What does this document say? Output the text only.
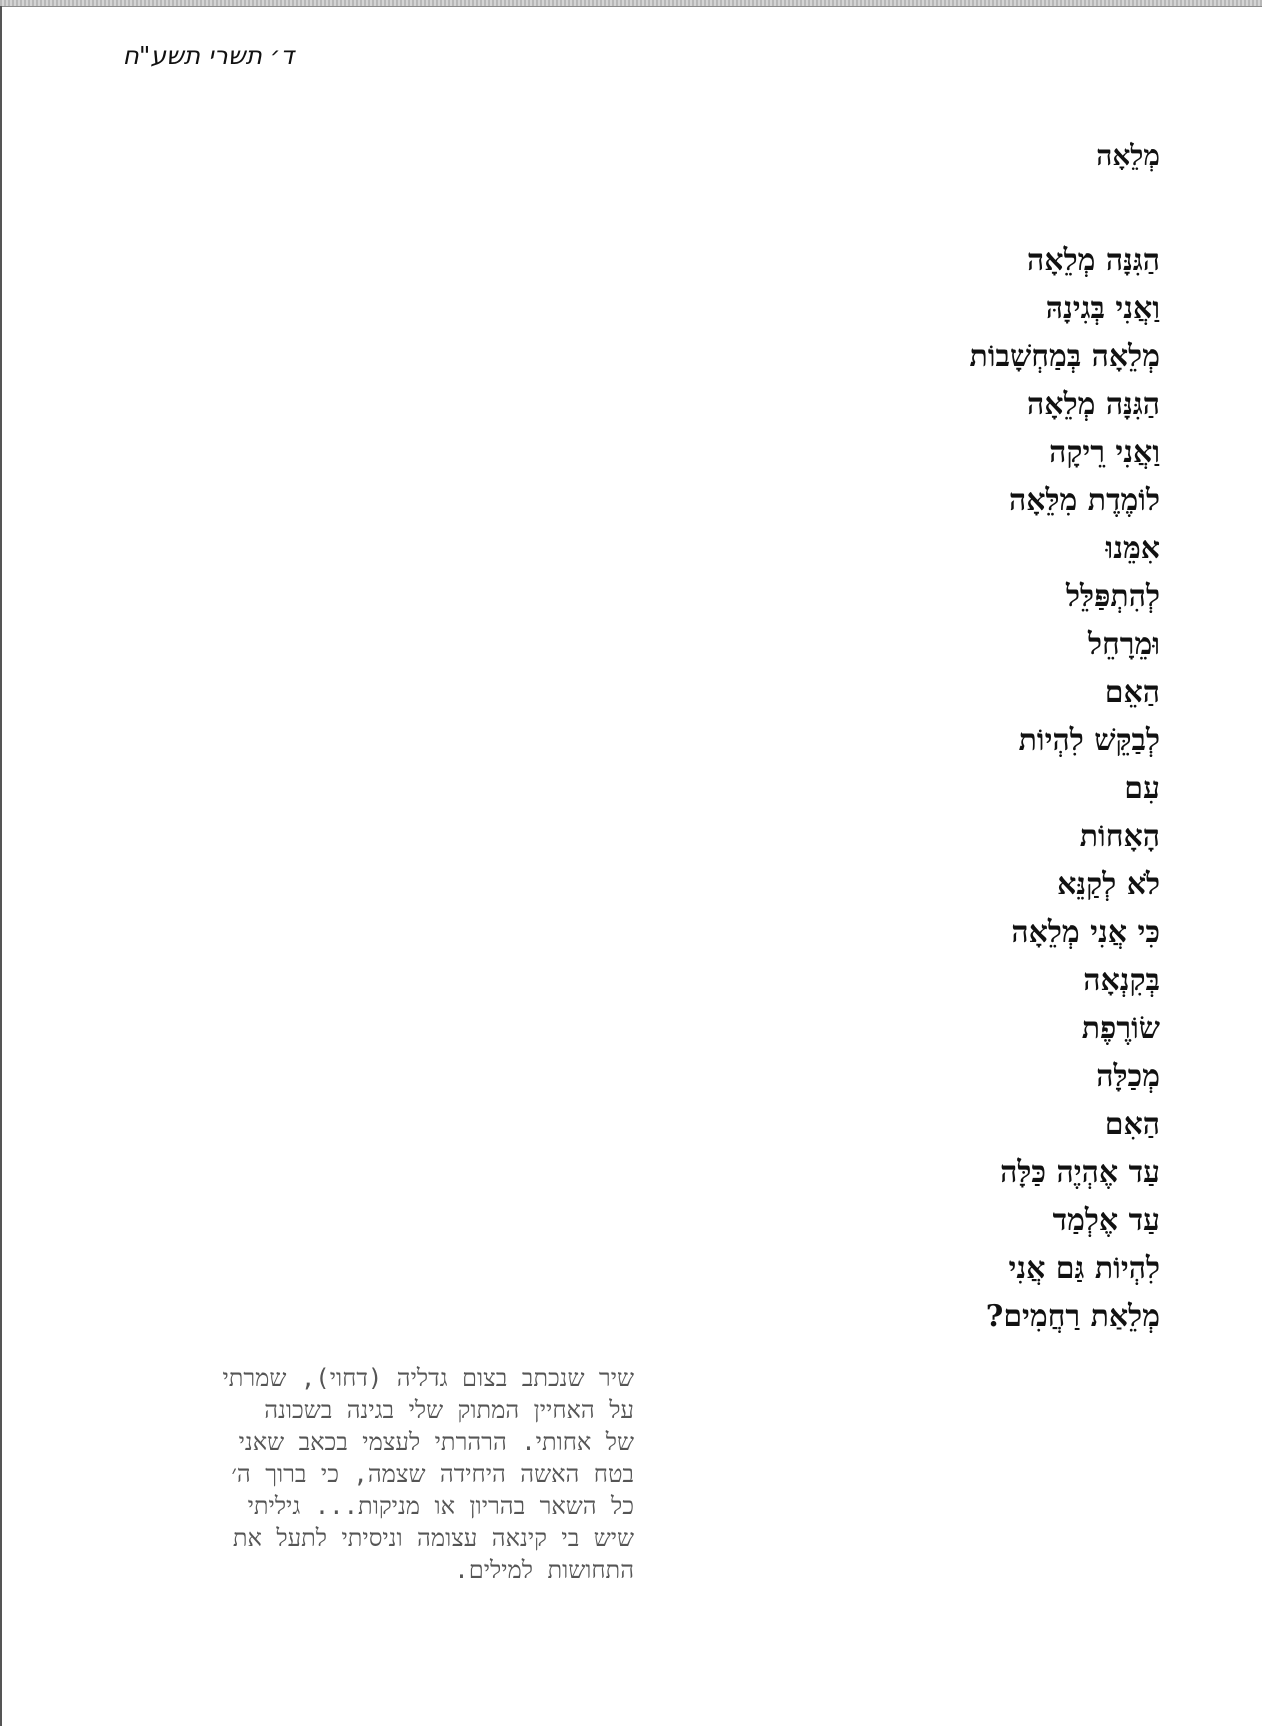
ד׳ תשרי תשע"ח
מְלֵאָה
הַגִּנָּה מְלֵאָה
וַאֲנִי בְּגִינָהּ
מְלֵאָה בְּמַחְשָׁבוֹת
הַגִּנָּה מְלֵאָה
וַאֲנִי רֵיקָה
לוֹמֶדֶת מִלֵּאָה
אִמֵּנוּ
לְהִתְפַּלֵּל
וּמֵרָחֵל
הַאֵם
לְבַקֵּשׁ לִהְיוֹת
עִם
הָאָחוֹת
לֹא לְקַנֵּא
כִּי אֲנִי מְלֵאָה
בְּקִנְאָה
שׂוֹרֶפֶת
מְכַלָּה
הַאִם
עַד אֶהְיֶה כַּלָּה
עַד אֶלְמַד
לִהְיוֹת גַּם אֲנִי
מְלֵאַת רַחֲמִים?
שיר שנכתב בצום גדליה (דחוי), שמרתי
על האחיין המתוק שלי בגינה בשכונה
של אחותי. הרהרתי לעצמי בכאב שאני
בטח האשה היחידה שצמה, כי ברוך ה׳
כל השאר בהריון או מניקות... גיליתי
שיש בי קינאה עצומה וניסיתי לתעל את
התחושות למילים.
